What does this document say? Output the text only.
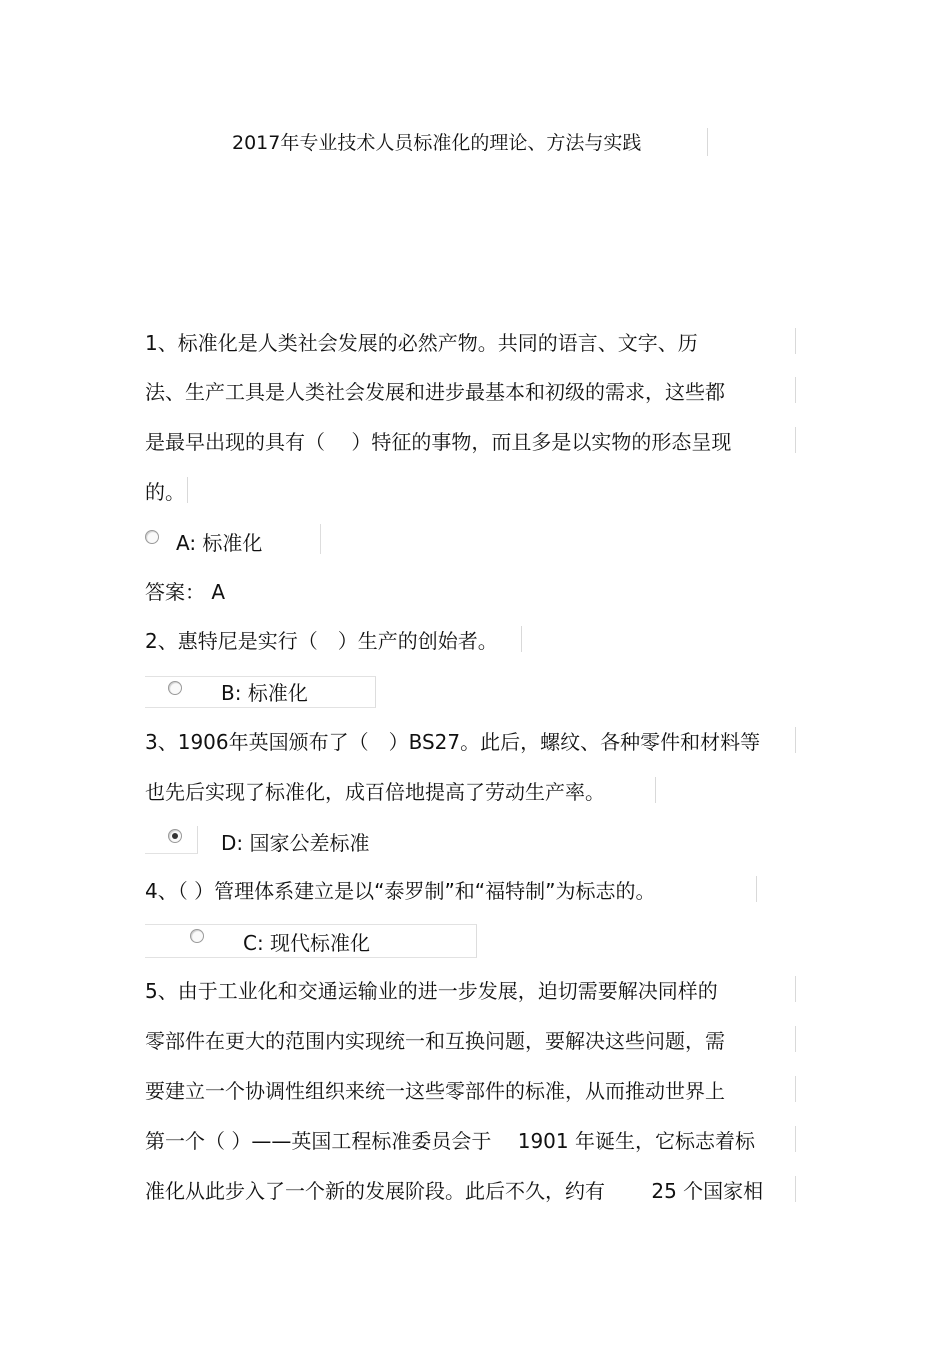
2017年专业技术人员标准化的理论、方法与实践
1、标准化是人类社会发展的必然产物。共同的语言、文字、历
法、生产工具是人类社会发展和进步最基本和初级的需求，这些都
是最早出现的具有（　 ）特征的事物，而且多是以实物的形态呈现
的。
A: 标准化
答案： A
2、惠特尼是实行（　）生产的创始者。
B: 标准化
3、1906年英国颁布了（　）BS27。此后，螺纹、各种零件和材料等
也先后实现了标准化，成百倍地提高了劳动生产率。
D: 国家公差标准
4、（ ）管理体系建立是以“泰罗制”和“福特制”为标志的。
C: 现代标准化
5、由于工业化和交通运输业的进一步发展，迫切需要解决同样的
零部件在更大的范围内实现统一和互换问题，要解决这些问题，需
要建立一个协调性组织来统一这些零部件的标准，从而推动世界上
第一个（ ）——英国工程标准委员会于　 1901 年诞生，它标志着标
准化从此步入了一个新的发展阶段。此后不久，约有　　 25 个国家相
